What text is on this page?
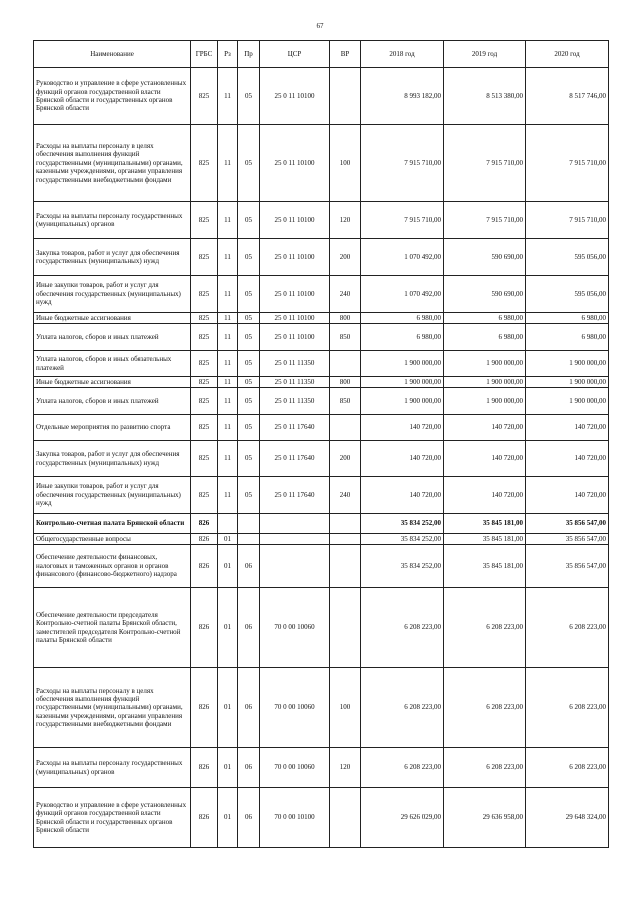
67
Наименование	ГРБС	Рз	Пр	ЦСР	ВР	2018 год	2019 год	2020 год
Руководство и управление в сфере установленных функций органов государственной власти Брянской области и государственных органов Брянской области	825	11	05	25 0 11 10100		8 993 182,00	8 513 380,00	8 517 746,00
Расходы на выплаты персоналу в целях обеспечения выполнения функций государственными (муниципальными) органами, казенными учреждениями, органами управления государственными внебюджетными фондами	825	11	05	25 0 11 10100	100	7 915 710,00	7 915 710,00	7 915 710,00
Расходы на выплаты персоналу государственных (муниципальных) органов	825	11	05	25 0 11 10100	120	7 915 710,00	7 915 710,00	7 915 710,00
Закупка товаров, работ и услуг для обеспечения государственных (муниципальных) нужд	825	11	05	25 0 11 10100	200	1 070 492,00	590 690,00	595 056,00
Иные закупки товаров, работ и услуг для обеспечения государственных (муниципальных) нужд	825	11	05	25 0 11 10100	240	1 070 492,00	590 690,00	595 056,00
Иные бюджетные ассигнования	825	11	05	25 0 11 10100	800	6 980,00	6 980,00	6 980,00
Уплата налогов, сборов и иных платежей	825	11	05	25 0 11 10100	850	6 980,00	6 980,00	6 980,00
Уплата налогов, сборов и иных обязательных платежей	825	11	05	25 0 11 11350		1 900 000,00	1 900 000,00	1 900 000,00
Иные бюджетные ассигнования	825	11	05	25 0 11 11350	800	1 900 000,00	1 900 000,00	1 900 000,00
Уплата налогов, сборов и иных платежей	825	11	05	25 0 11 11350	850	1 900 000,00	1 900 000,00	1 900 000,00
Отдельные мероприятия по развитию спорта	825	11	05	25 0 11 17640		140 720,00	140 720,00	140 720,00
Закупка товаров, работ и услуг для обеспечения государственных (муниципальных) нужд	825	11	05	25 0 11 17640	200	140 720,00	140 720,00	140 720,00
Иные закупки товаров, работ и услуг для обеспечения государственных (муниципальных) нужд	825	11	05	25 0 11 17640	240	140 720,00	140 720,00	140 720,00
Контрольно-счетная палата Брянской области	826					35 834 252,00	35 845 181,00	35 856 547,00
Общегосударственные вопросы	826	01				35 834 252,00	35 845 181,00	35 856 547,00
Обеспечение деятельности финансовых, налоговых и таможенных органов и органов финансового (финансово-бюджетного) надзора	826	01	06			35 834 252,00	35 845 181,00	35 856 547,00
Обеспечение деятельности председателя Контрольно-счетной палаты Брянской области, заместителей председателя Контрольно-счетной палаты Брянской области	826	01	06	70 0 00 10060		6 208 223,00	6 208 223,00	6 208 223,00
Расходы на выплаты персоналу в целях обеспечения выполнения функций государственными (муниципальными) органами, казенными учреждениями, органами управления государственными внебюджетными фондами	826	01	06	70 0 00 10060	100	6 208 223,00	6 208 223,00	6 208 223,00
Расходы на выплаты персоналу государственных (муниципальных) органов	826	01	06	70 0 00 10060	120	6 208 223,00	6 208 223,00	6 208 223,00
Руководство и управление в сфере установленных функций органов государственной власти Брянской области и государственных органов Брянской области	826	01	06	70 0 00 10100		29 626 029,00	29 636 958,00	29 648 324,00
